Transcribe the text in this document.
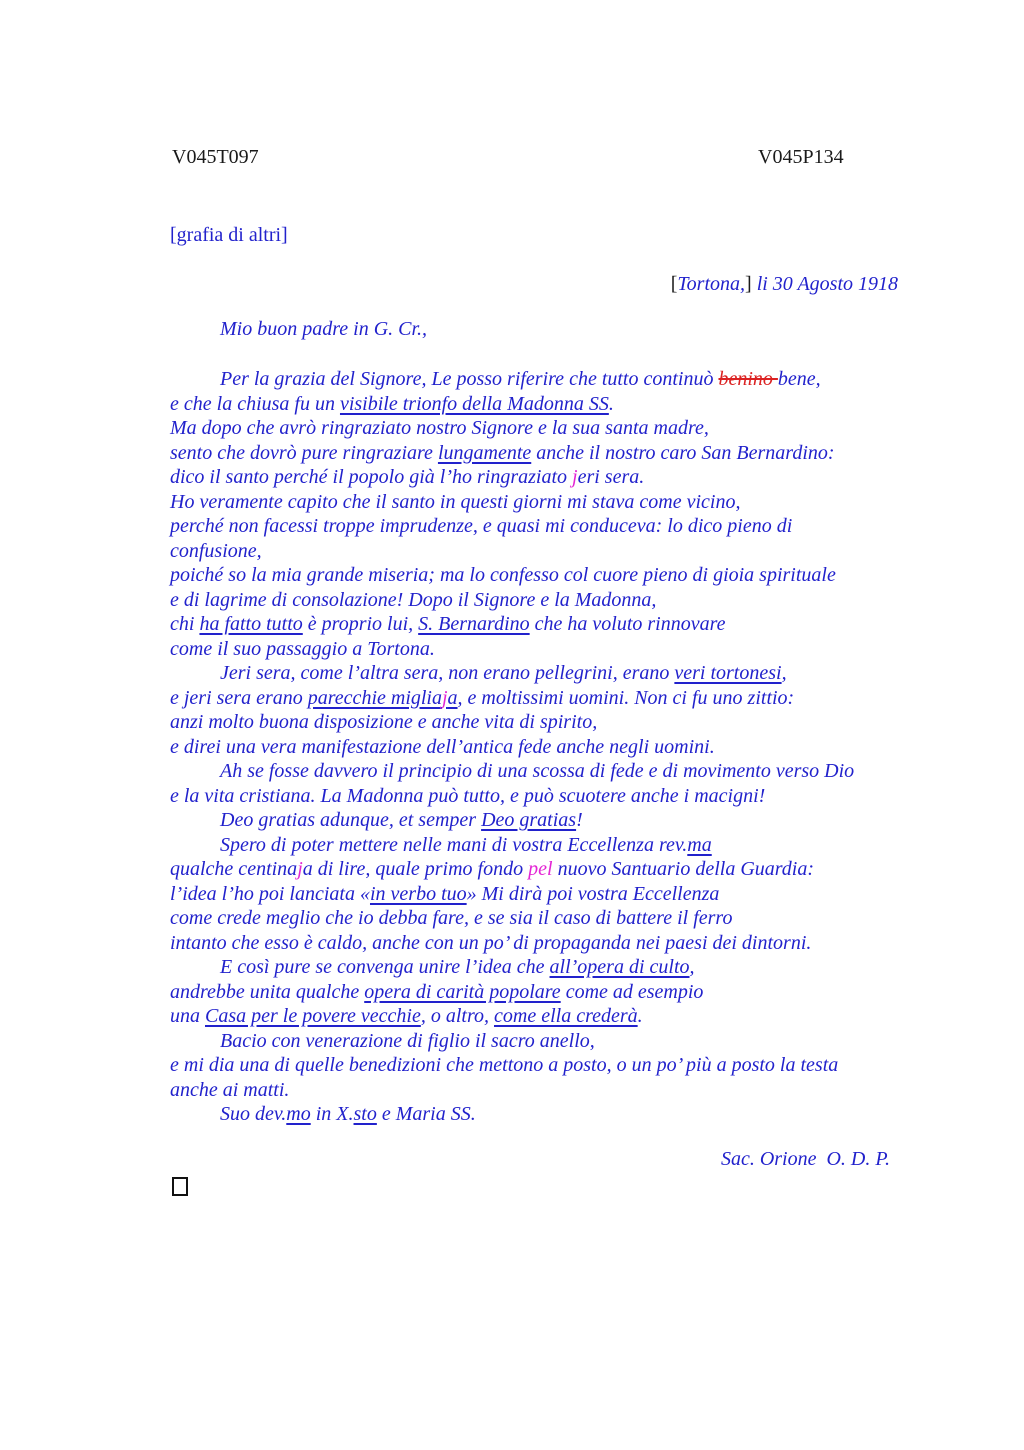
V045T097	V045P134
[grafia di altri]
[Tortona,] li 30 Agosto 1918
Mio buon padre in G. Cr.,
Per la grazia del Signore, Le posso riferire che tutto continuò benino bene,
e che la chiusa fu un visibile trionfo della Madonna SS.
Ma dopo che avrò ringraziato nostro Signore e la sua santa madre,
sento che dovrò pure ringraziare lungamente anche il nostro caro San Bernardino:
dico il santo perché il popolo già l’ho ringraziato jeri sera.
Ho veramente capito che il santo in questi giorni mi stava come vicino,
perché non facessi troppe imprudenze, e quasi mi conduceva: lo dico pieno di
confusione,
poiché so la mia grande miseria; ma lo confesso col cuore pieno di gioia spirituale
e di lagrime di consolazione! Dopo il Signore e la Madonna,
chi ha fatto tutto è proprio lui, S. Bernardino che ha voluto rinnovare
come il suo passaggio a Tortona.
Jeri sera, come l’altra sera, non erano pellegrini, erano veri tortonesi,
e jeri sera erano parecchie migliaja, e moltissimi uomini. Non ci fu uno zittio:
anzi molto buona disposizione e anche vita di spirito,
e direi una vera manifestazione dell’antica fede anche negli uomini.
Ah se fosse davvero il principio di una scossa di fede e di movimento verso Dio
e la vita cristiana. La Madonna può tutto, e può scuotere anche i macigni!
Deo gratias adunque, et semper Deo gratias!
Spero di poter mettere nelle mani di vostra Eccellenza rev.ma
qualche centinaja di lire, quale primo fondo pel nuovo Santuario della Guardia:
l’idea l’ho poi lanciata «in verbo tuo» Mi dirà poi vostra Eccellenza
come crede meglio che io debba fare, e se sia il caso di battere il ferro
intanto che esso è caldo, anche con un po’ di propaganda nei paesi dei dintorni.
E così pure se convenga unire l’idea che all’opera di culto,
andrebbe unita qualche opera di carità popolare come ad esempio
una Casa per le povere vecchie, o altro, come ella crederà.
Bacio con venerazione di figlio il sacro anello,
e mi dia una di quelle benedizioni che mettono a posto, o un po’ più a posto la testa
anche ai matti.
Suo dev.mo in X.sto e Maria SS.
Sac. Orione  O. D. P.
